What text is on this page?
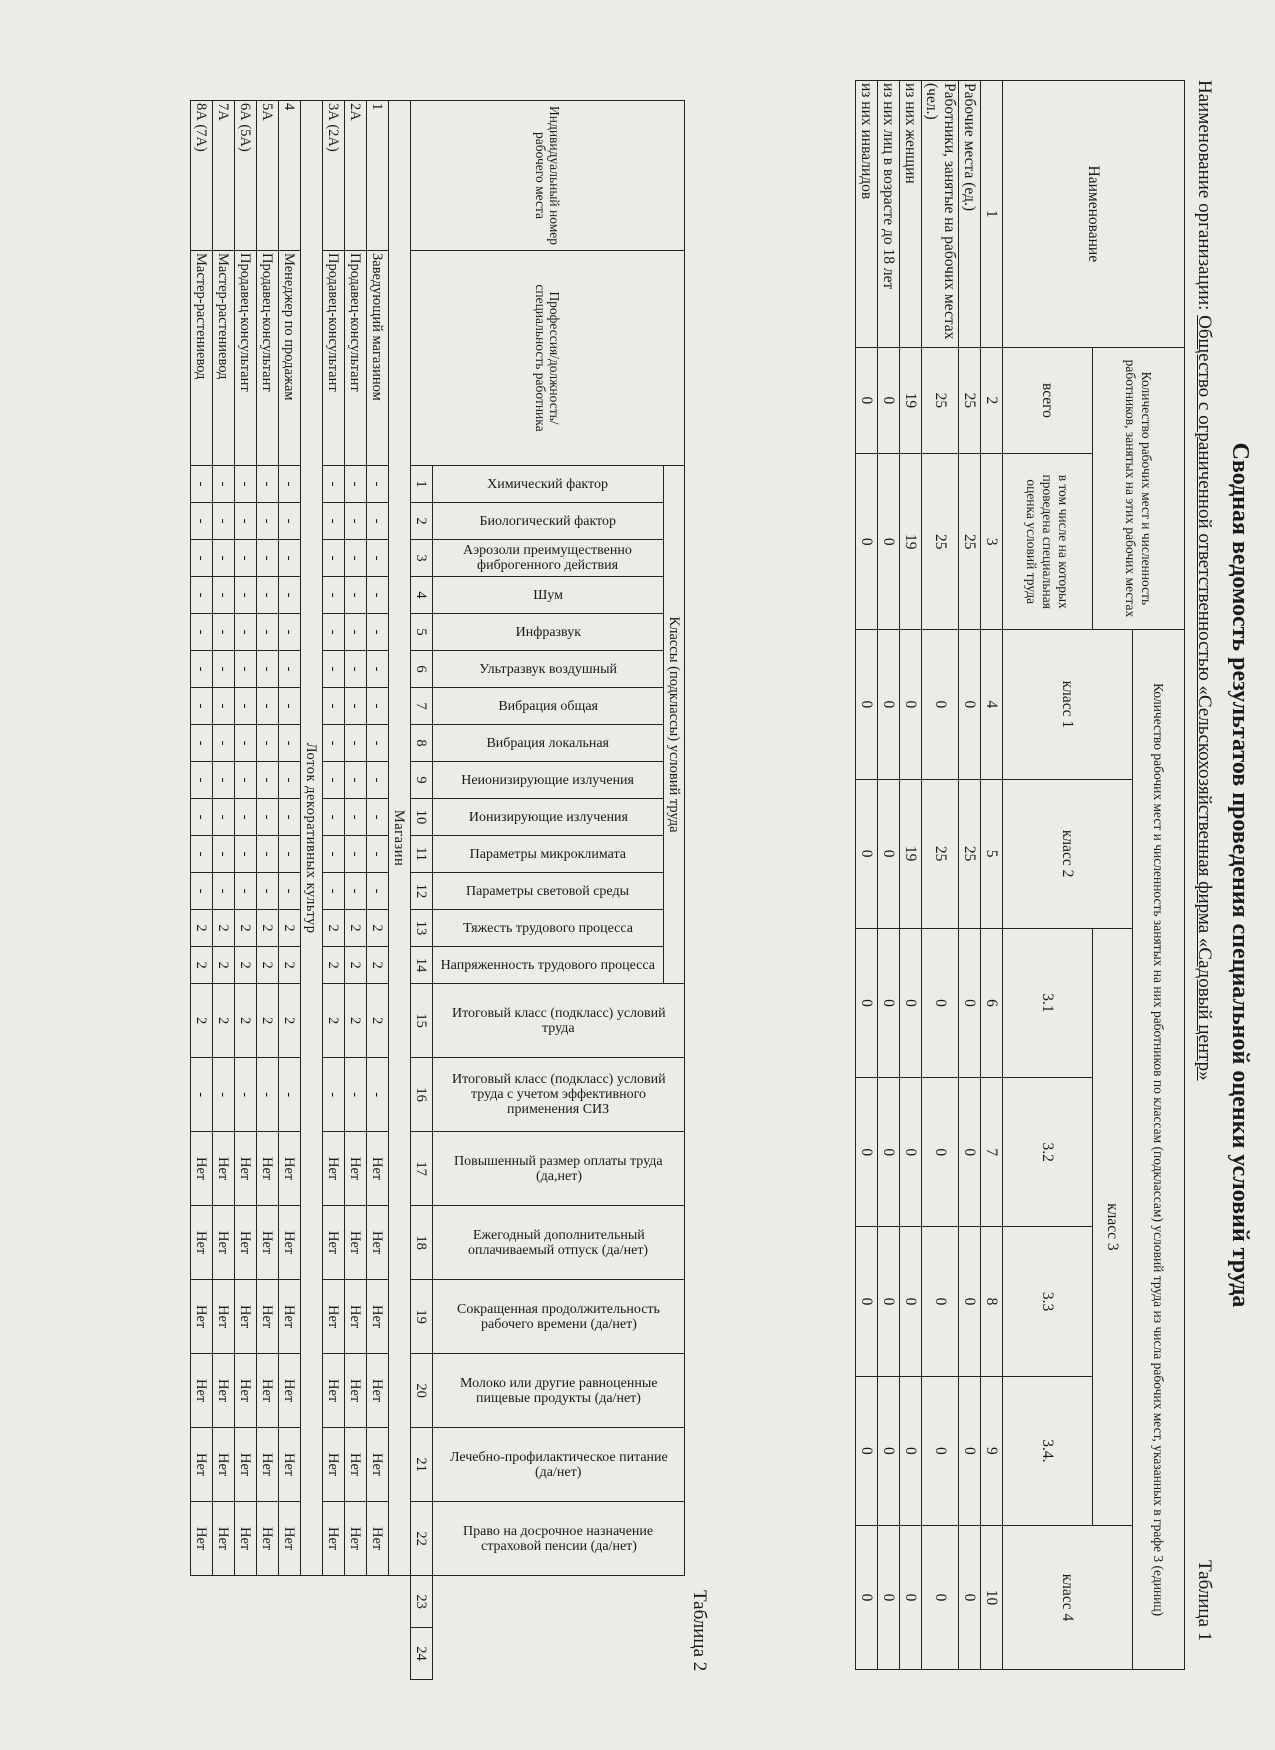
Сводная ведомость результатов проведения специальной оценки условий труда
Наименование организации: Общество с ограниченной ответственностью «Сельскохозяйственная фирма «Садовый центр»
Таблица 1
Наименование	Количество рабочих мест и численность работников, занятых на этих рабочих местах		Количество рабочих мест и численность занятых на них работников по классам (подклассам) условий труда из числа рабочих мест, указанных в графе 3 (единиц)						
			класс 1	класс 2	класс 3				класс 4
	всего	в том числе на которых проведена специальная оценка условий труда			3.1	3.2	3.3	3.4.	
1	2	3	4	5	6	7	8	9	10
Рабочие места (ед.)	25	25	0	25	0	0	0	0	0
Работники, занятые на рабочих местах (чел.)	25	25	0	25	0	0	0	0	0
из них женщин	19	19	0	19	0	0	0	0	0
из них лиц в возрасте до 18 лет	0	0	0	0	0	0	0	0	0
из них инвалидов	0	0	0	0	0	0	0	0	0
Таблица 2
Индивидуальный номер рабочего места	Профессия/должность/специальность работника	Классы (подклассы) условий труда														Итоговый класс (подкласс) условий труда	Итоговый класс (подкласс) условий труда с учетом эффективного применения СИЗ	Повышенный размер оплаты труда (да,нет)	Ежегодный дополнительный оплачиваемый отпуск (да/нет)	Сокращенная продолжительность рабочего времени (да/нет)	Молоко или другие равноценные пищевые продукты (да/нет)	Лечебно-профилактическое питание (да/нет)	Право на досрочное назначение страховой пенсии (да/нет)		

		Химический фактор	Биологический фактор	Аэрозоли преимущественно фиброгенного действия	Шум	Инфразвук	Ультразвук воздушный	Вибрация общая	Вибрация локальная	Неионизирующие излучения	Ионизирующие излучения	Параметры микроклимата	Параметры световой среды	Тяжесть трудового процесса	Напряженность трудового процесса										

		1	2	3	4	5	6	7	8	9	10	11	12	13	14	15	16	17	18	19	20	21	22	23	24
Магазин																									
1	Заведующий магазином	-	-	-	-	-	-	-	-	-	-	-	-	2	2	2	-	Нет	Нет	Нет	Нет	Нет	Нет		
2А	Продавец-консультант	-	-	-	-	-	-	-	-	-	-	-	-	2	2	2	-	Нет	Нет	Нет	Нет	Нет	Нет		
3А (2А)	Продавец-консультант	-	-	-	-	-	-	-	-	-	-	-	-	2	2	2	-	Нет	Нет	Нет	Нет	Нет	Нет		
Лоток декоративных культур																									
4	Менеджер по продажам	-	-	-	-	-	-	-	-	-	-	-	-	2	2	2	-	Нет	Нет	Нет	Нет	Нет	Нет		
5А	Продавец-консультант	-	-	-	-	-	-	-	-	-	-	-	-	2	2	2	-	Нет	Нет	Нет	Нет	Нет	Нет		
6А (5А)	Продавец-консультант	-	-	-	-	-	-	-	-	-	-	-	-	2	2	2	-	Нет	Нет	Нет	Нет	Нет	Нет		
7А	Мастер-растениевод	-	-	-	-	-	-	-	-	-	-	-	-	2	2	2	-	Нет	Нет	Нет	Нет	Нет	Нет		
8А (7А)	Мастер-растениевод	-	-	-	-	-	-	-	-	-	-	-	-	2	2	2	-	Нет	Нет	Нет	Нет	Нет	Нет		
